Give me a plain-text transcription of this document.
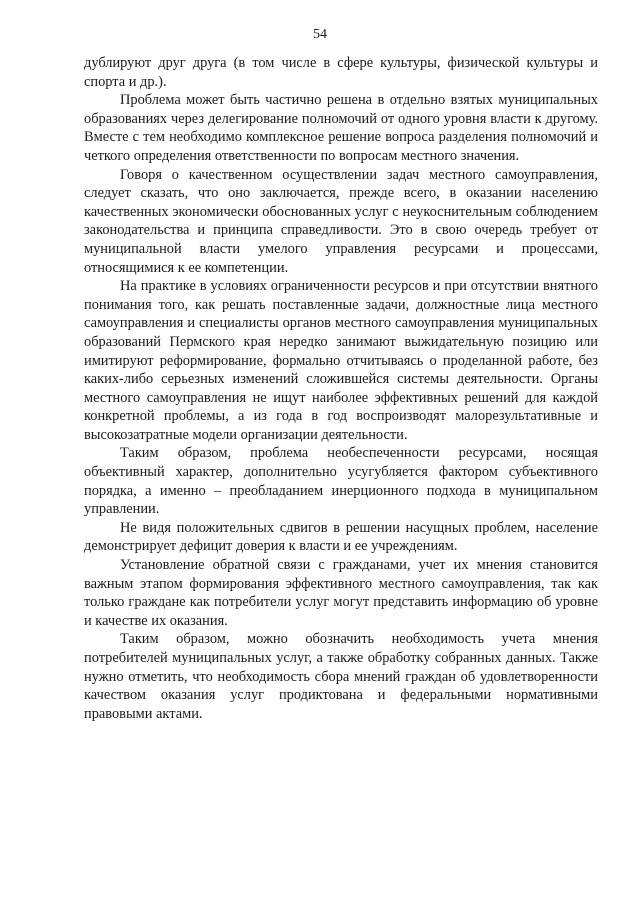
54

дублируют друг друга (в том числе в сфере культуры, физической культуры и спорта и др.).

Проблема может быть частично решена в отдельно взятых муниципальных образованиях через делегирование полномочий от одного уровня власти к другому. Вместе с тем необходимо комплексное решение вопроса разделения полномочий и четкого определения ответственности по вопросам местного значения.

Говоря о качественном осуществлении задач местного самоуправления, следует сказать, что оно заключается, прежде всего, в оказании населению качественных экономически обоснованных услуг с неукоснительным соблюдением законодательства и принципа справедливости. Это в свою очередь требует от муниципальной власти умелого управления ресурсами и процессами, относящимися к ее компетенции.

На практике в условиях ограниченности ресурсов и при отсутствии внятного понимания того, как решать поставленные задачи, должностные лица местного самоуправления и специалисты органов местного самоуправления муниципальных образований Пермского края нередко занимают выжидательную позицию или имитируют реформирование, формально отчитываясь о проделанной работе, без каких-либо серьезных изменений сложившейся системы деятельности. Органы местного самоуправления не ищут наиболее эффективных решений для каждой конкретной проблемы, а из года в год воспроизводят малорезультативные и высокозатратные модели организации деятельности.

Таким образом, проблема необеспеченности ресурсами, носящая объективный характер, дополнительно усугубляется фактором субъективного порядка, а именно – преобладанием инерционного подхода в муниципальном управлении.

Не видя положительных сдвигов в решении насущных проблем, население демонстрирует дефицит доверия к власти и ее учреждениям.

Установление обратной связи с гражданами, учет их мнения становится важным этапом формирования эффективного местного самоуправления, так как только граждане как потребители услуг могут представить информацию об уровне и качестве их оказания.

Таким образом, можно обозначить необходимость учета мнения потребителей муниципальных услуг, а также обработку собранных данных. Также нужно отметить, что необходимость сбора мнений граждан об удовлетворенности качеством оказания услуг продиктована и федеральными нормативными правовыми актами.
